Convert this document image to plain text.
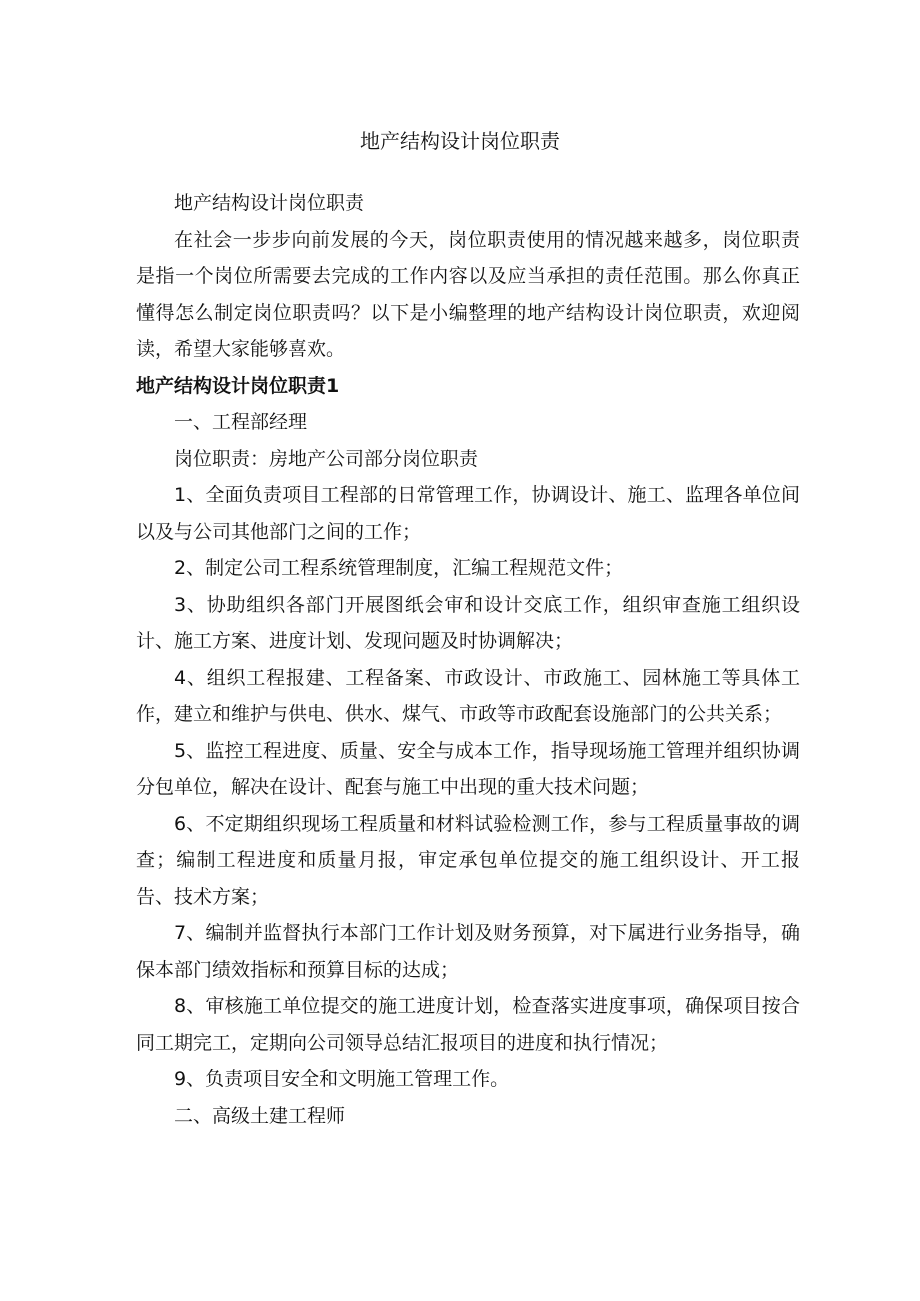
地产结构设计岗位职责

地产结构设计岗位职责

在社会一步步向前发展的今天，岗位职责使用的情况越来越多，岗位职责是指一个岗位所需要去完成的工作内容以及应当承担的责任范围。那么你真正懂得怎么制定岗位职责吗？以下是小编整理的地产结构设计岗位职责，欢迎阅读，希望大家能够喜欢。

地产结构设计岗位职责1

一、工程部经理

岗位职责：房地产公司部分岗位职责

1、全面负责项目工程部的日常管理工作，协调设计、施工、监理各单位间以及与公司其他部门之间的工作；

2、制定公司工程系统管理制度，汇编工程规范文件；

3、协助组织各部门开展图纸会审和设计交底工作，组织审查施工组织设计、施工方案、进度计划、发现问题及时协调解决；

4、组织工程报建、工程备案、市政设计、市政施工、园林施工等具体工作，建立和维护与供电、供水、煤气、市政等市政配套设施部门的公共关系；

5、监控工程进度、质量、安全与成本工作，指导现场施工管理并组织协调分包单位，解决在设计、配套与施工中出现的重大技术问题；

6、不定期组织现场工程质量和材料试验检测工作，参与工程质量事故的调查；编制工程进度和质量月报，审定承包单位提交的施工组织设计、开工报告、技术方案；

7、编制并监督执行本部门工作计划及财务预算，对下属进行业务指导，确保本部门绩效指标和预算目标的达成；

8、审核施工单位提交的施工进度计划，检查落实进度事项，确保项目按合同工期完工，定期向公司领导总结汇报项目的进度和执行情况；

9、负责项目安全和文明施工管理工作。

二、高级土建工程师
